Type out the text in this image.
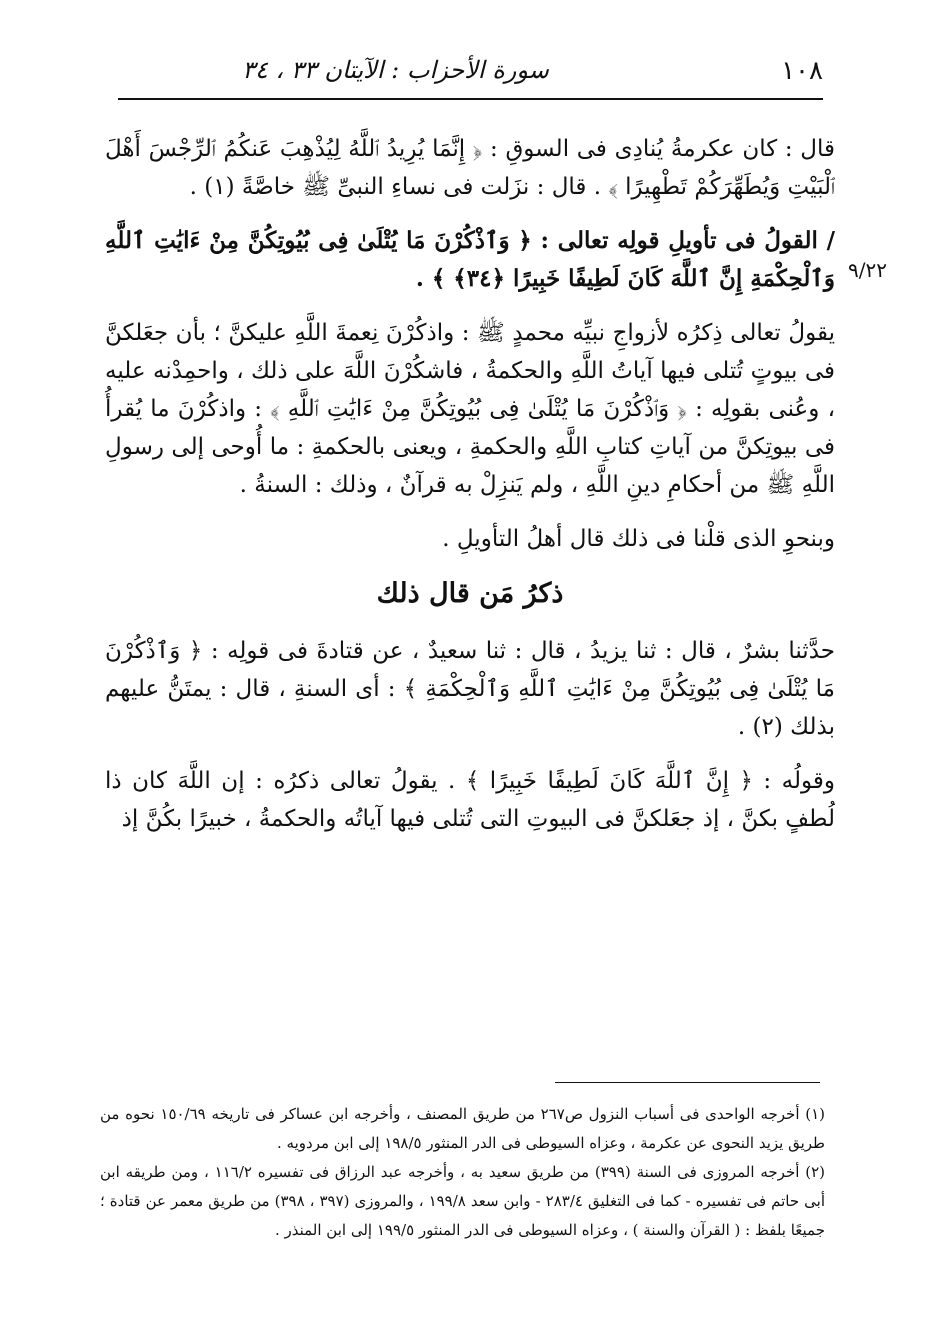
١٠٨
سورة الأحزاب : الآيتان ٣٣ ، ٣٤
٩/٢٢

قال : كان عكرمةُ يُنادِى فى السوقِ : ﴿ إِنَّمَا يُرِيدُ ٱللَّهُ لِيُذْهِبَ عَنكُمُ ٱلرِّجْسَ أَهْلَ ٱلْبَيْتِ وَيُطَهِّرَكُمْ تَطْهِيرًا ﴾ . قال : نزَلت فى نساءِ النبىِّ ﷺ خاصَّةً (١) .

/ القولُ فى تأويلِ قولِه تعالى : ﴿ وَٱذْكُرْنَ مَا يُتْلَىٰ فِى بُيُوتِكُنَّ مِنْ ءَايَٰتِ ٱللَّهِ وَٱلْحِكْمَةِ إِنَّ ٱللَّهَ كَانَ لَطِيفًا خَبِيرًا ﴿٣٤﴾ ﴾ .

يقولُ تعالى ذِكرُه لأزواجِ نبيِّه محمدٍ ﷺ : واذكُرْنَ نِعمةَ اللَّهِ عليكنَّ ؛ بأن جعَلكنَّ فى بيوتٍ تُتلى فيها آياتُ اللَّهِ والحكمةُ ، فاشكُرْنَ اللَّهَ على ذلك ، واحمِدْنه عليه ، وعُنى بقولِه : ﴿ وَٱذْكُرْنَ مَا يُتْلَىٰ فِى بُيُوتِكُنَّ مِنْ ءَايَٰتِ ٱللَّهِ ﴾ : واذكُرْنَ ما يُقرأُ فى بيوتِكنَّ من آياتِ كتابِ اللَّهِ والحكمةِ ، ويعنى بالحكمةِ : ما أُوحى إلى رسولِ اللَّهِ ﷺ من أحكامِ دينِ اللَّهِ ، ولم يَنزِلْ به قرآنٌ ، وذلك : السنةُ .

وبنحوِ الذى قلْنا فى ذلك قال أهلُ التأويلِ .

ذكرُ مَن قال ذلك

حدَّثنا بشرٌ ، قال : ثنا يزيدُ ، قال : ثنا سعيدٌ ، عن قتادةَ فى قولِه : ﴿ وَٱذْكُرْنَ مَا يُتْلَىٰ فِى بُيُوتِكُنَّ مِنْ ءَايَٰتِ ٱللَّهِ وَٱلْحِكْمَةِ ﴾ : أى السنةِ ، قال : يمتَنُّ عليهم بذلك (٢) .

وقولُه : ﴿ إِنَّ ٱللَّهَ كَانَ لَطِيفًا خَبِيرًا ﴾ . يقولُ تعالى ذكرُه : إن اللَّهَ كان ذا لُطفٍ بكنَّ ، إذ جعَلكنَّ فى البيوتِ التى تُتلى فيها آياتُه والحكمةُ ، خبيرًا بكُنَّ إذ

(١) أخرجه الواحدى فى أسباب النزول ص٢٦٧ من طريق المصنف ، وأخرجه ابن عساكر فى تاريخه ١٥٠/٦٩ نحوه من طريق يزيد النحوى عن عكرمة ، وعزاه السيوطى فى الدر المنثور ١٩٨/٥ إلى ابن مردويه .

(٢) أخرجه المروزى فى السنة (٣٩٩) من طريق سعيد به ، وأخرجه عبد الرزاق فى تفسيره ١١٦/٢ ، ومن طريقه ابن أبى حاتم فى تفسيره - كما فى التغليق ٢٨٣/٤ - وابن سعد ١٩٩/٨ ، والمروزى (٣٩٧ ، ٣٩٨) من طريق معمر عن قتادة ؛ جميعًا بلفظ : ( القرآن والسنة ) ، وعزاه السيوطى فى الدر المنثور ١٩٩/٥ إلى ابن المنذر .
